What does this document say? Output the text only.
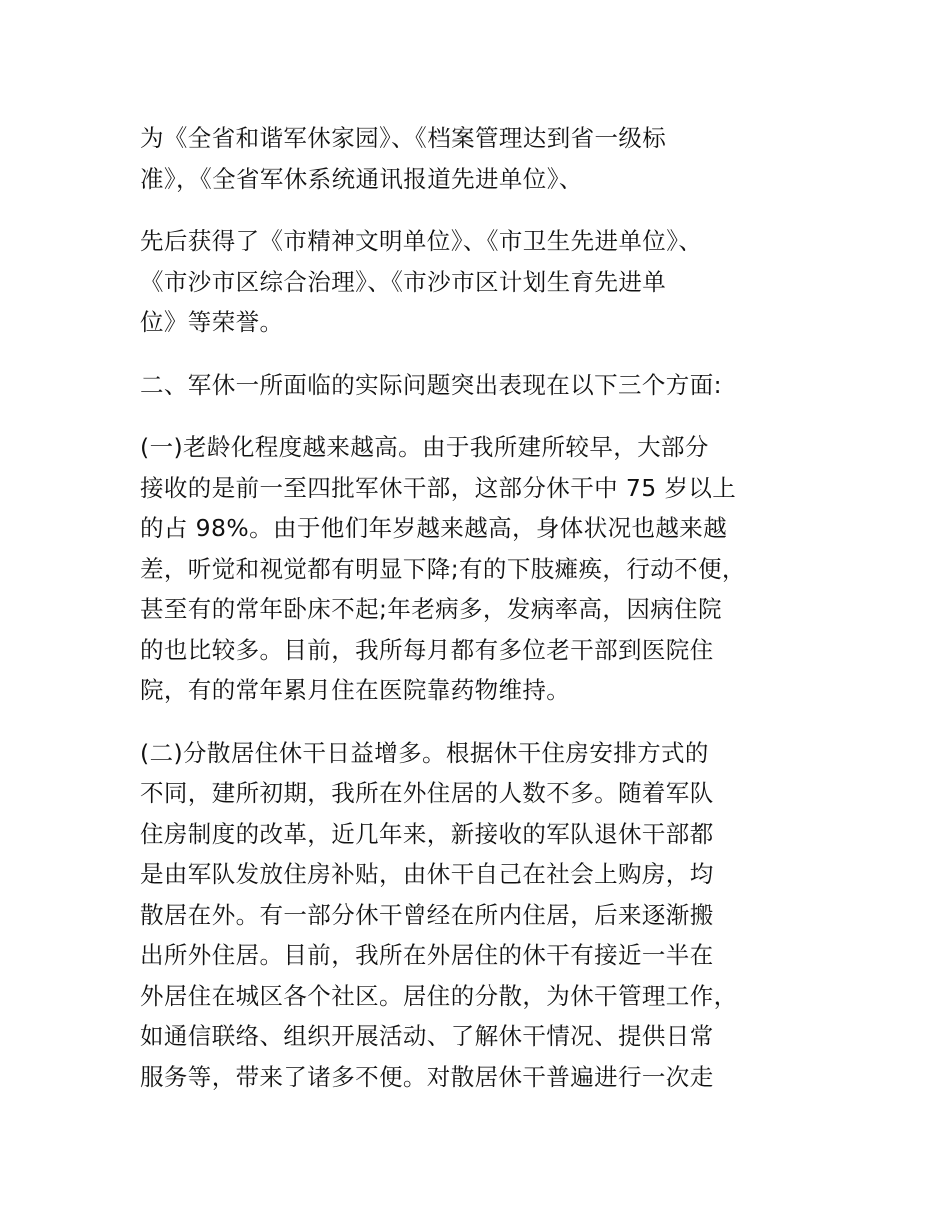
为《全省和谐军休家园》、《档案管理达到省一级标
准》，《全省军休系统通讯报道先进单位》、
先后获得了《市精神文明单位》、《市卫生先进单位》、
《市沙市区综合治理》、《市沙市区计划生育先进单
位》等荣誉。
二、军休一所面临的实际问题突出表现在以下三个方面:
(一)老龄化程度越来越高。由于我所建所较早，大部分
接收的是前一至四批军休干部，这部分休干中 75 岁以上
的占 98%。由于他们年岁越来越高，身体状况也越来越
差，听觉和视觉都有明显下降;有的下肢瘫痪，行动不便，
甚至有的常年卧床不起;年老病多，发病率高，因病住院
的也比较多。目前，我所每月都有多位老干部到医院住
院，有的常年累月住在医院靠药物维持。
(二)分散居住休干日益增多。根据休干住房安排方式的
不同，建所初期，我所在外住居的人数不多。随着军队
住房制度的改革，近几年来，新接收的军队退休干部都
是由军队发放住房补贴，由休干自己在社会上购房，均
散居在外。有一部分休干曾经在所内住居，后来逐渐搬
出所外住居。目前，我所在外居住的休干有接近一半在
外居住在城区各个社区。居住的分散，为休干管理工作，
如通信联络、组织开展活动、了解休干情况、提供日常
服务等，带来了诸多不便。对散居休干普遍进行一次走
